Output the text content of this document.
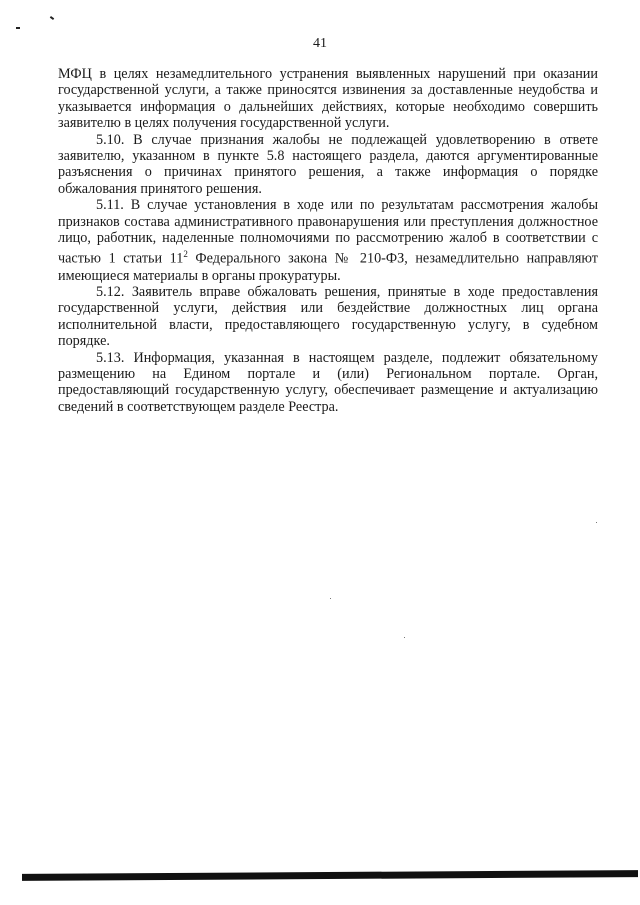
41

МФЦ в целях незамедлительного устранения выявленных нарушений при оказании государственной услуги, а также приносятся извинения за доставленные неудобства и указывается информация о дальнейших действиях, которые необходимо совершить заявителю в целях получения государственной услуги.

5.10. В случае признания жалобы не подлежащей удовлетворению в ответе заявителю, указанном в пункте 5.8 настоящего раздела, даются аргументированные разъяснения о причинах принятого решения, а также информация о порядке обжалования принятого решения.

5.11. В случае установления в ходе или по результатам рассмотрения жалобы признаков состава административного правонарушения или преступления должностное лицо, работник, наделенные полномочиями по рассмотрению жалоб в соответствии с частью 1 статьи $11^2$ Федерального закона № 210-ФЗ, незамедлительно направляют имеющиеся материалы в органы прокуратуры.

5.12. Заявитель вправе обжаловать решения, принятые в ходе предоставления государственной услуги, действия или бездействие должностных лиц органа исполнительной власти, предоставляющего государственную услугу, в судебном порядке.

5.13. Информация, указанная в настоящем разделе, подлежит обязательному размещению на Едином портале и (или) Региональном портале. Орган, предоставляющий государственную услугу, обеспечивает размещение и актуализацию сведений в соответствующем разделе Реестра.
